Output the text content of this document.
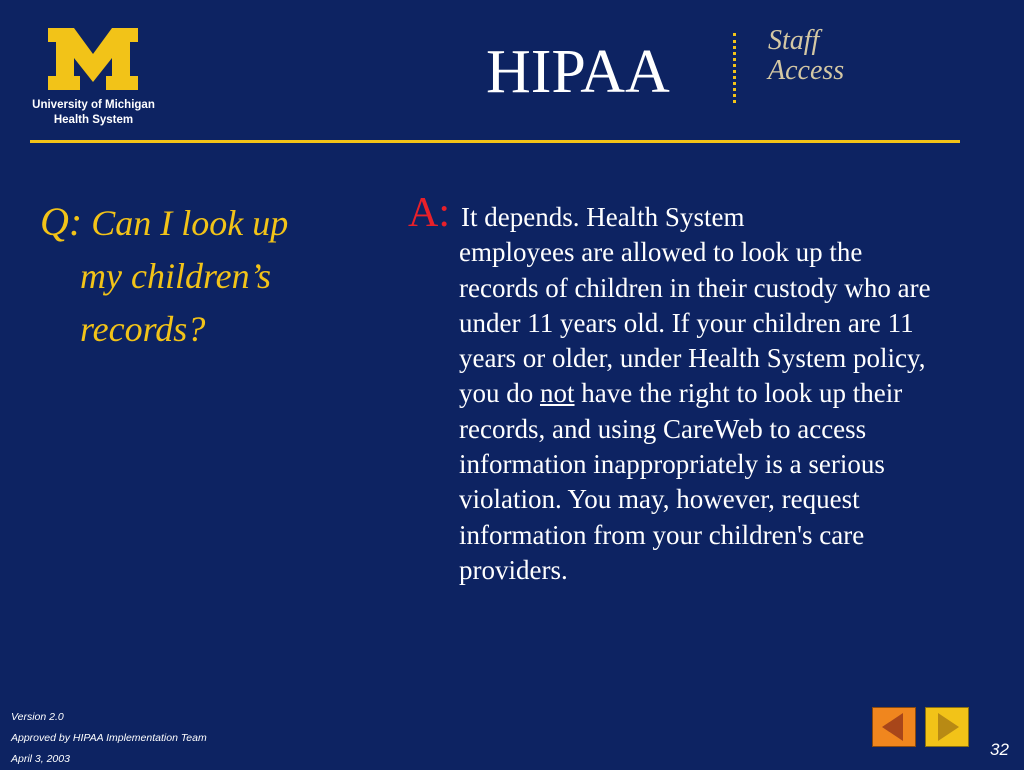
University of Michigan
Health System
HIPAA	Staff
Access
Q: Can I look up
my children’s
records?
A: It depends. Health System
employees are allowed to look up the records of children in their custody who are under 11 years old. If your children are 11 years or older, under Health System policy, you do not have the right to look up their records, and using CareWeb to access information inappropriately is a serious violation. You may, however, request information from your children's care providers.
Version 2.0
Approved by HIPAA Implementation Team
April 3, 2003	32
